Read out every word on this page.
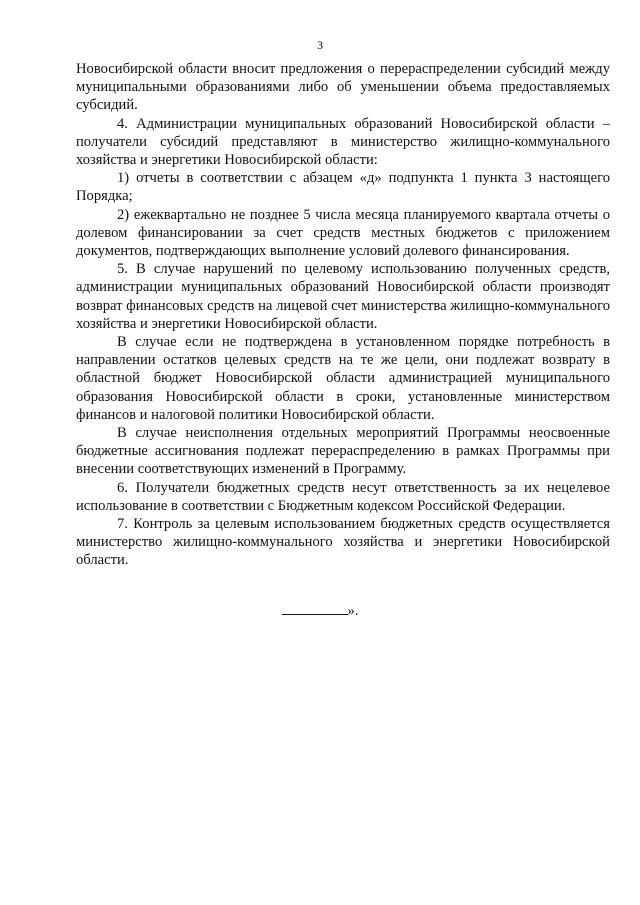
3

Новосибирской области вносит предложения о перераспределении субсидий между муниципальными образованиями либо об уменьшении объема предоставляемых субсидий.

4. Администрации муниципальных образований Новосибирской области – получатели субсидий представляют в министерство жилищно-коммунального хозяйства и энергетики Новосибирской области:

1) отчеты в соответствии с абзацем «д» подпункта 1 пункта 3 настоящего Порядка;

2) ежеквартально не позднее 5 числа месяца планируемого квартала отчеты о долевом финансировании за счет средств местных бюджетов с приложением документов, подтверждающих выполнение условий долевого финансирования.

5. В случае нарушений по целевому использованию полученных средств, администрации муниципальных образований Новосибирской области производят возврат финансовых средств на лицевой счет министерства жилищно-коммунального хозяйства и энергетики Новосибирской области.

В случае если не подтверждена в установленном порядке потребность в направлении остатков целевых средств на те же цели, они подлежат возврату в областной бюджет Новосибирской области администрацией муниципального образования Новосибирской области в сроки, установленные министерством финансов и налоговой политики Новосибирской области.

В случае неисполнения отдельных мероприятий Программы неосвоенные бюджетные ассигнования подлежат перераспределению в рамках Программы при внесении соответствующих изменений в Программу.

6. Получатели бюджетных средств несут ответственность за их нецелевое использование в соответствии с Бюджетным кодексом Российской Федерации.

7. Контроль за целевым использованием бюджетных средств осуществляется министерство жилищно-коммунального хозяйства и энергетики Новосибирской области.

».
